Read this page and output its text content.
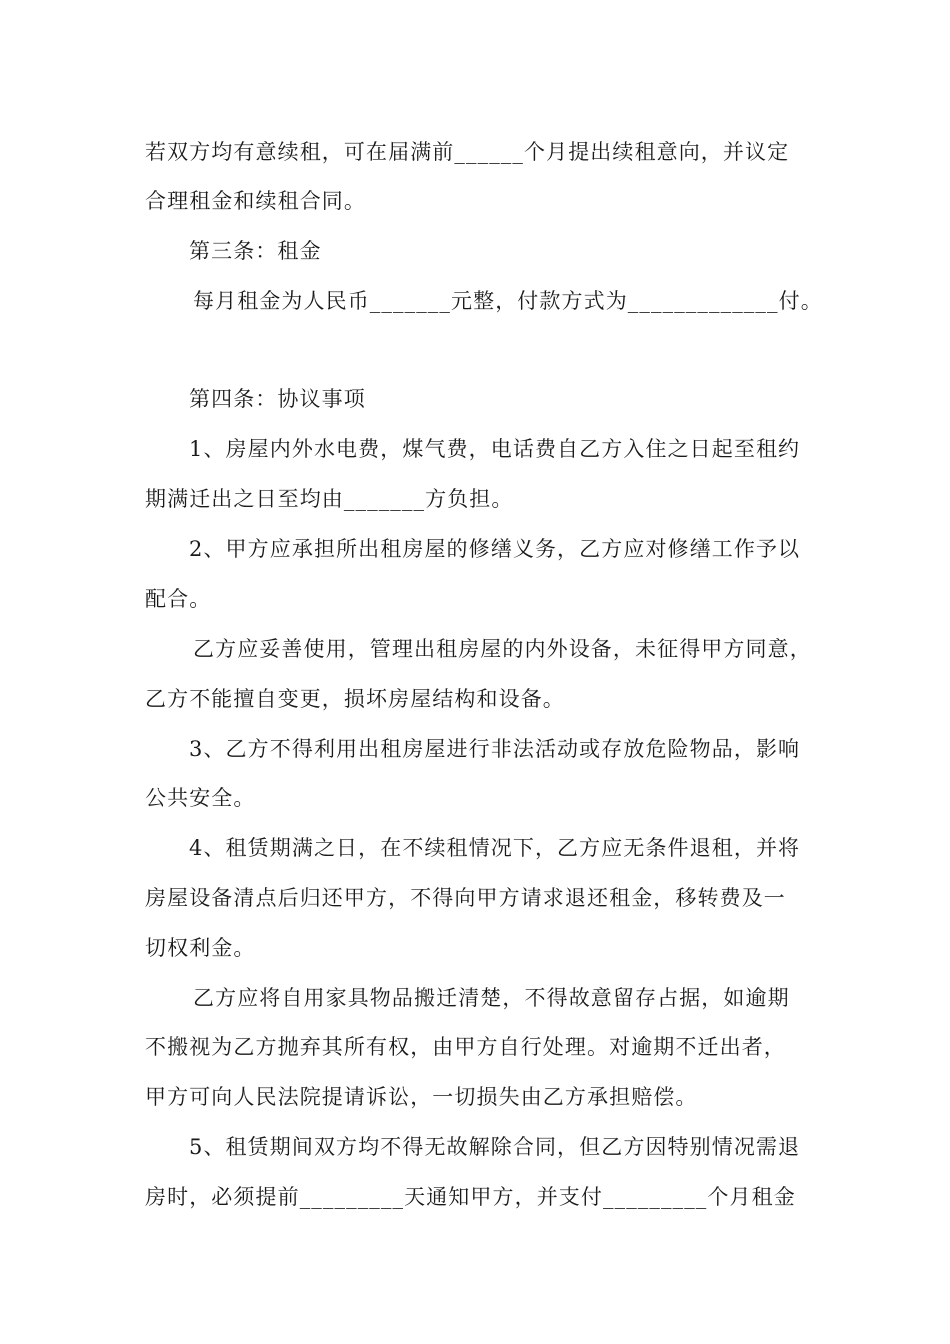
若双方均有意续租，可在届满前______个月提出续租意向，并议定
合理租金和续租合同。
第三条：租金
每月租金为人民币_______元整，付款方式为_____________付。
第四条：协议事项
1、房屋内外水电费，煤气费，电话费自乙方入住之日起至租约
期满迁出之日至均由_______方负担。
2、甲方应承担所出租房屋的修缮义务，乙方应对修缮工作予以
配合。
乙方应妥善使用，管理出租房屋的内外设备，未征得甲方同意，
乙方不能擅自变更，损坏房屋结构和设备。
3、乙方不得利用出租房屋进行非法活动或存放危险物品，影响
公共安全。
4、租赁期满之日，在不续租情况下，乙方应无条件退租，并将
房屋设备清点后归还甲方，不得向甲方请求退还租金，移转费及一
切权利金。
乙方应将自用家具物品搬迁清楚，不得故意留存占据，如逾期
不搬视为乙方抛弃其所有权，由甲方自行处理。对逾期不迁出者，
甲方可向人民法院提请诉讼，一切损失由乙方承担赔偿。
5、租赁期间双方均不得无故解除合同，但乙方因特别情况需退
房时，必须提前_________天通知甲方，并支付_________个月租金
